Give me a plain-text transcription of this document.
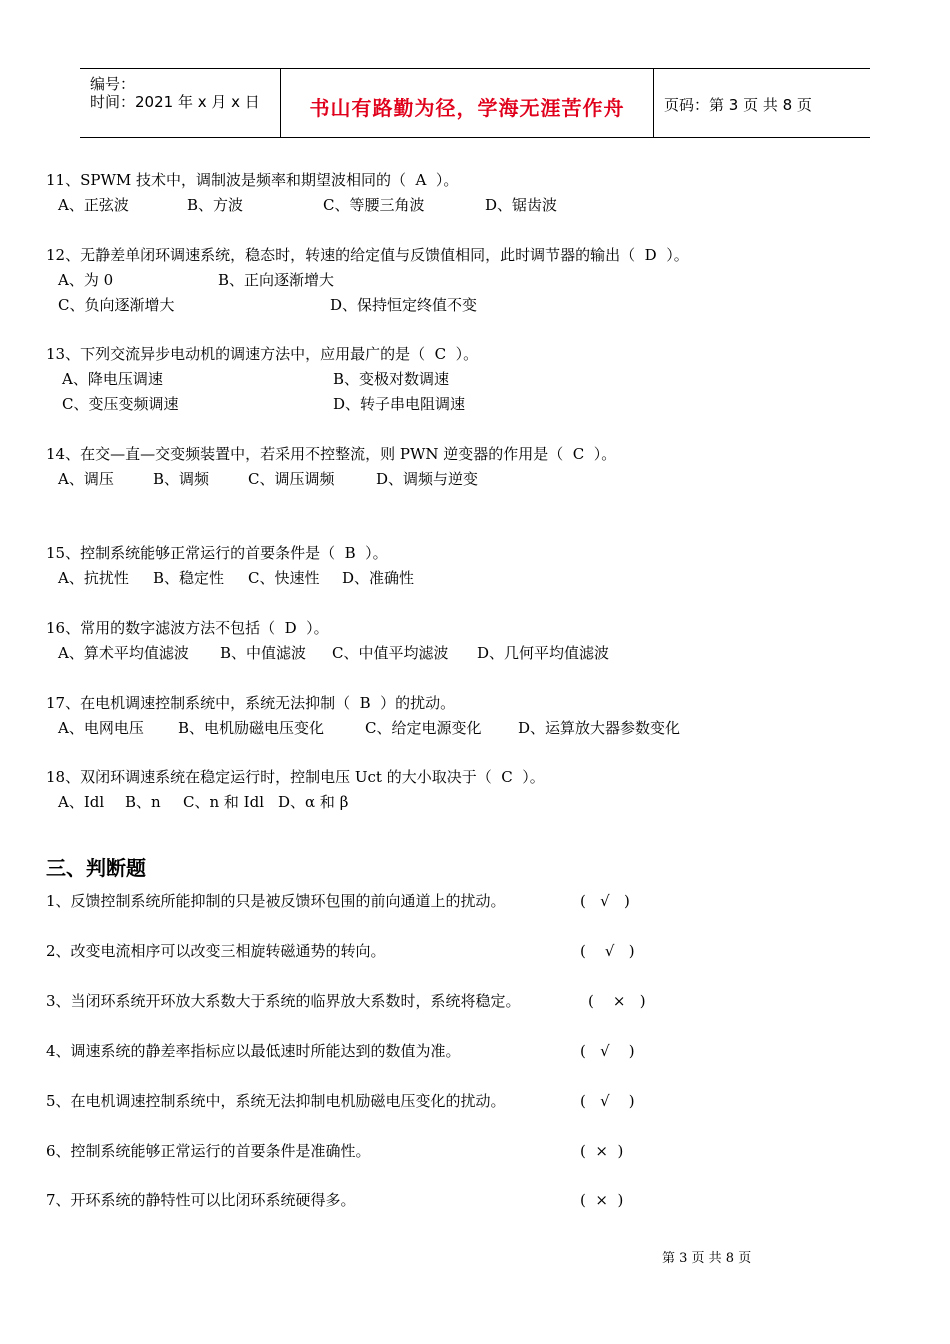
编号：
时间：2021 年 x 月 x 日	书山有路勤为径，学海无涯苦作舟	页码：第 3 页 共 8 页
11、SPWM 技术中，调制波是频率和期望波相同的（  A  ）。
A、正弦波	B、方波	C、等腰三角波	D、锯齿波
12、无静差单闭环调速系统，稳态时，转速的给定值与反馈值相同，此时调节器的输出（  D  ）。
A、为 0	B、正向逐渐增大
C、负向逐渐增大	D、保持恒定终值不变
13、下列交流异步电动机的调速方法中，应用最广的是（  C  ）。
A、降电压调速	B、变极对数调速
C、变压变频调速	D、转子串电阻调速
14、在交—直—交变频装置中，若采用不控整流，则 PWN 逆变器的作用是（  C  ）。
A、调压	B、调频	C、调压调频	D、调频与逆变
15、控制系统能够正常运行的首要条件是（  B  ）。
A、抗扰性 B、稳定性 C、快速性 D、准确性
16、常用的数字滤波方法不包括（  D  ）。
A、算术平均值滤波 B、中值滤波 C、中值平均滤波 D、几何平均值滤波
17、在电机调速控制系统中，系统无法抑制（  B  ）的扰动。
A、电网电压 B、电机励磁电压变化	C、给定电源变化 D、运算放大器参数变化
18、双闭环调速系统在稳定运行时，控制电压 Uct 的大小取决于（  C  ）。
A、Idl B、n C、n 和 Idl D、α 和 β
三、判断题
1、反馈控制系统所能抑制的只是被反馈环包围的前向通道上的扰动。	(   √   )
2、改变电流相序可以改变三相旋转磁通势的转向。	(    √   )
3、当闭环系统开环放大系数大于系统的临界放大系数时，系统将稳定。	(    ×   )
4、调速系统的静差率指标应以最低速时所能达到的数值为准。	(   √    )
5、在电机调速控制系统中，系统无法抑制电机励磁电压变化的扰动。	(   √    )
6、控制系统能够正常运行的首要条件是准确性。	(  ×  )
7、开环系统的静特性可以比闭环系统硬得多。	(  ×  )
第 3 页 共 8 页
